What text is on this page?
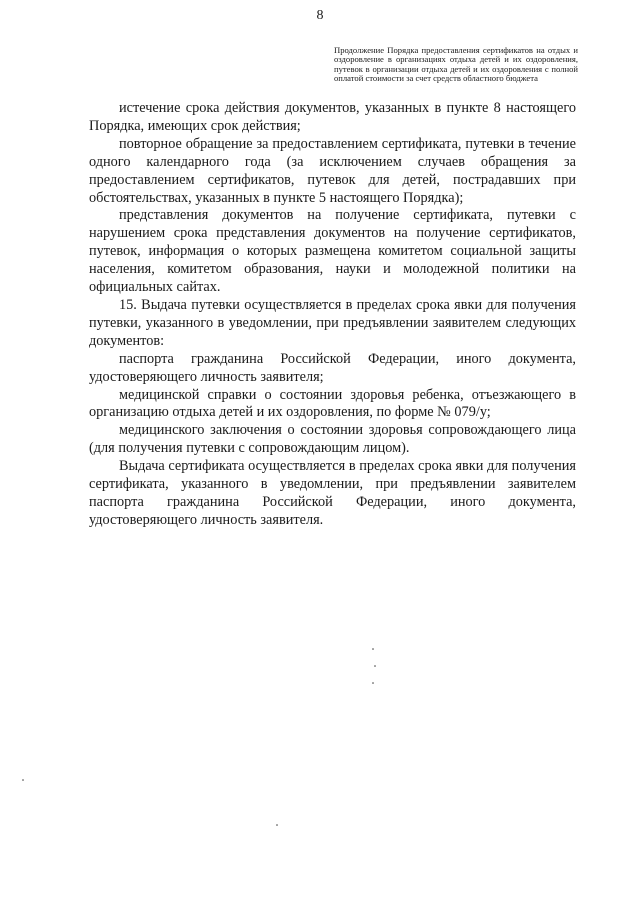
8
Продолжение Порядка предоставления сертификатов на отдых и оздоровление в организациях отдыха детей и их оздоровления, путевок в организации отдыха детей и их оздоровления с полной оплатой стоимости за счет средств областного бюджета

истечение срока действия документов, указанных в пункте 8 настоящего Порядка, имеющих срок действия;

повторное обращение за предоставлением сертификата, путевки в течение одного календарного года (за исключением случаев обращения за предоставлением сертификатов, путевок для детей, пострадавших при обстоятельствах, указанных в пункте 5 настоящего Порядка);

представления документов на получение сертификата, путевки с нарушением срока представления документов на получение сертификатов, путевок, информация о которых размещена комитетом социальной защиты населения, комитетом образования, науки и молодежной политики на официальных сайтах.

15. Выдача путевки осуществляется в пределах срока явки для получения путевки, указанного в уведомлении, при предъявлении заявителем следующих документов:

паспорта гражданина Российской Федерации, иного документа, удостоверяющего личность заявителя;

медицинской справки о состоянии здоровья ребенка, отъезжающего в организацию отдыха детей и их оздоровления, по форме № 079/у;

медицинского заключения о состоянии здоровья сопровождающего лица (для получения путевки с сопровождающим лицом).

Выдача сертификата осуществляется в пределах срока явки для получения сертификата, указанного в уведомлении, при предъявлении заявителем паспорта гражданина Российской Федерации, иного документа, удостоверяющего личность заявителя.
